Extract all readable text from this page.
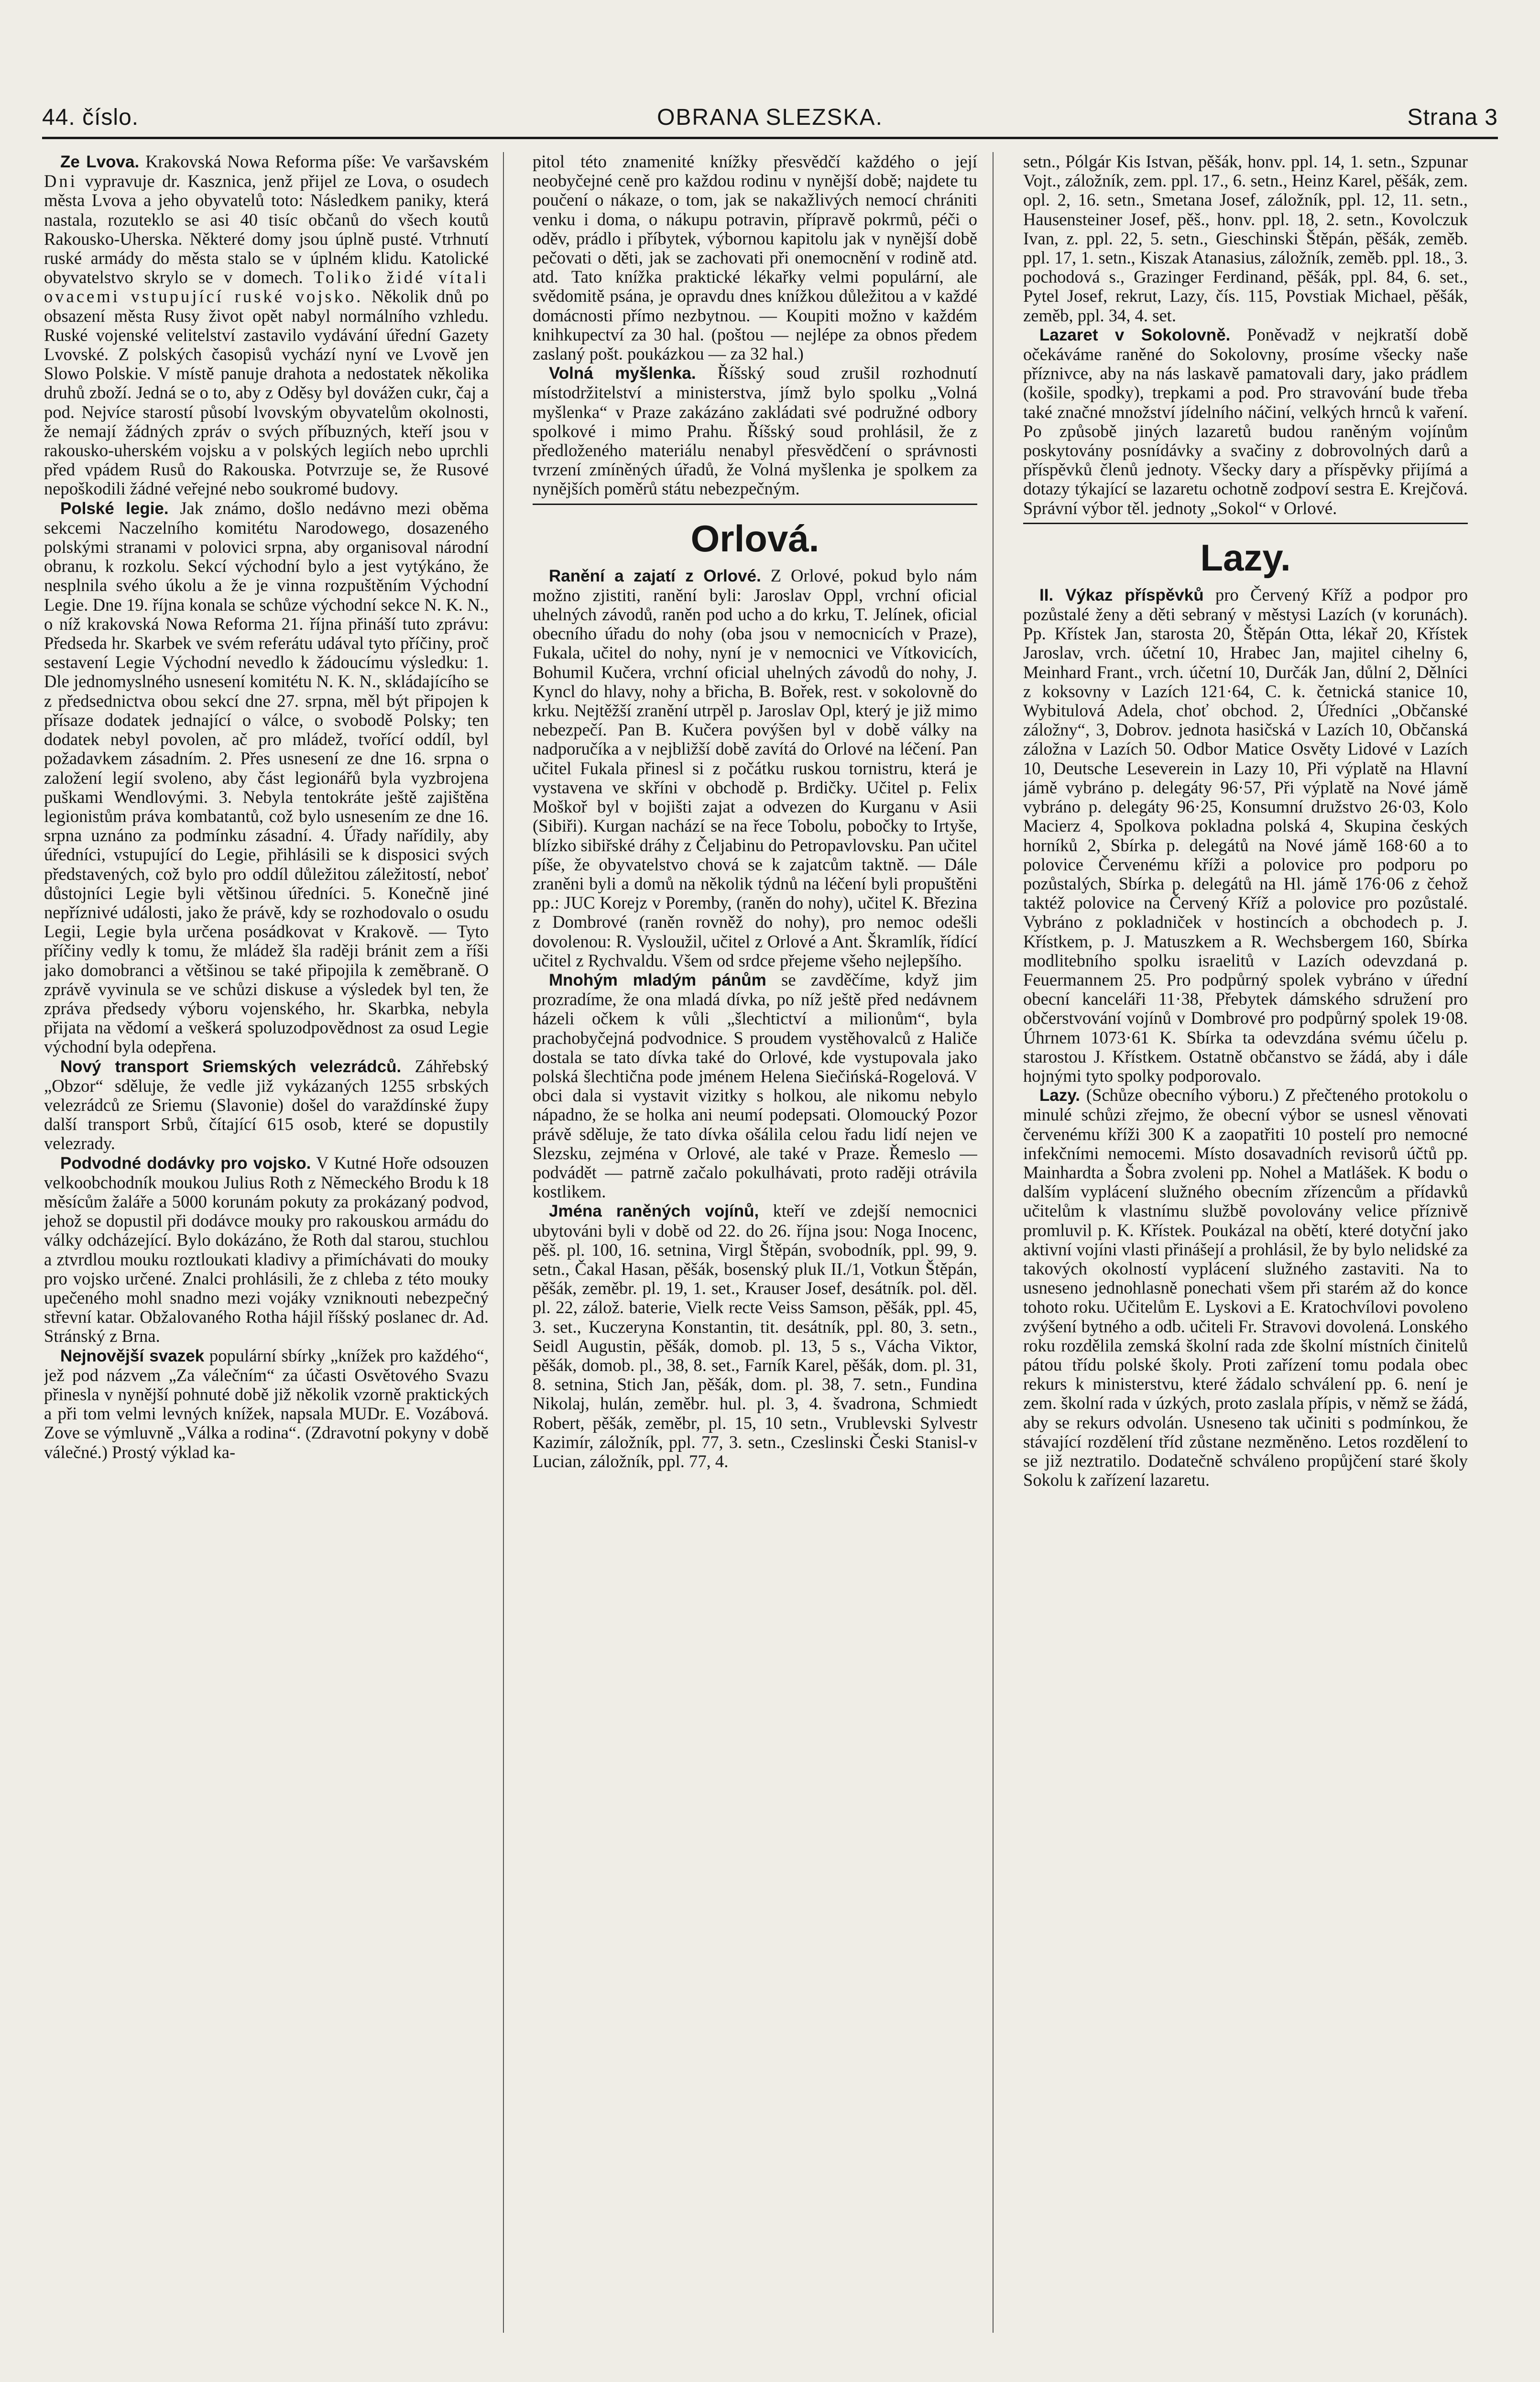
44. číslo.	OBRANA SLEZSKA.	Strana 3

Ze Lvova. Krakovská Nowa Reforma píše: Ve varšavském Dni vypravuje dr. Kasznica, jenž přijel ze Lova, o osudech města Lvova a jeho obyvatelů toto: Následkem paniky, která nastala, rozuteklo se asi 40 tisíc občanů do všech koutů Rakousko-Uherska. Některé domy jsou úplně pusté. Vtrhnutí ruské armády do města stalo se v úplném klidu. Katolické obyvatelstvo skrylo se v domech. Toliko židé vítali ovacemi vstupující ruské vojsko. Několik dnů po obsazení města Rusy život opět nabyl normálního vzhledu. Ruské vojenské velitelství zastavilo vydávání úřední Gazety Lvovské. Z polských časopisů vychází nyní ve Lvově jen Slowo Polskie. V místě panuje drahota a nedostatek několika druhů zboží. Jedná se o to, aby z Oděsy byl dovážen cukr, čaj a pod. Nejvíce starostí působí lvovským obyvatelům okolnosti, že nemají žádných zpráv o svých příbuzných, kteří jsou v rakousko-uherském vojsku a v polských legiích nebo uprchli před vpádem Rusů do Rakouska. Potvrzuje se, že Rusové nepoškodili žádné veřejné nebo soukromé budovy.

Polské legie. Jak známo, došlo nedávno mezi oběma sekcemi Naczelního komitétu Narodowego, dosazeného polskými stranami v polovici srpna, aby organisoval národní obranu, k rozkolu. Sekcí východní bylo a jest vytýkáno, že nesplnila svého úkolu a že je vinna rozpuštěním Východní Legie. Dne 19. října konala se schůze východní sekce N. K. N., o níž krakovská Nowa Reforma 21. října přináší tuto zprávu: Předseda hr. Skarbek ve svém referátu udával tyto příčiny, proč sestavení Legie Východní nevedlo k žádoucímu výsledku: 1. Dle jednomyslného usnesení komitétu N. K. N., skládajícího se z předsednictva obou sekcí dne 27. srpna, měl být připojen k přísaze dodatek jednající o válce, o svobodě Polsky; ten dodatek nebyl povolen, ač pro mládež, tvořící oddíl, byl požadavkem zásadním. 2. Přes usnesení ze dne 16. srpna o založení legií svoleno, aby část legionářů byla vyzbrojena puškami Wendlovými. 3. Nebyla tentokráte ještě zajištěna legionistům práva kombatantů, což bylo usnesením ze dne 16. srpna uznáno za podmínku zásadní. 4. Úřady nařídily, aby úředníci, vstupující do Legie, přihlásili se k disposici svých představených, což bylo pro oddíl důležitou záležitostí, neboť důstojníci Legie byli většinou úředníci. 5. Konečně jiné nepříznivé události, jako že právě, kdy se rozhodovalo o osudu Legii, Legie byla určena posádkovat v Krakově. — Tyto příčiny vedly k tomu, že mládež šla raději bránit zem a říši jako domobranci a většinou se také připojila k zeměbraně. O zprávě vyvinula se ve schůzi diskuse a výsledek byl ten, že zpráva předsedy výboru vojenského, hr. Skarbka, nebyla přijata na vědomí a veškerá spoluzodpovědnost za osud Legie východní byla odepřena.

Nový transport Sriemských velezrádců. Záhřebský „Obzor“ sděluje, že vedle již vykázaných 1255 srbských velezrádců ze Sriemu (Slavonie) došel do varaždínské župy další transport Srbů, čítající 615 osob, které se dopustily velezrady.

Podvodné dodávky pro vojsko. V Kutné Hoře odsouzen velkoobchodník moukou Julius Roth z Německého Brodu k 18 měsícům žaláře a 5000 korunám pokuty za prokázaný podvod, jehož se dopustil při dodávce mouky pro rakouskou armádu do války odcházející. Bylo dokázáno, že Roth dal starou, stuchlou a ztvrdlou mouku roztloukati kladivy a přimíchávati do mouky pro vojsko určené. Znalci prohlásili, že z chleba z této mouky upečeného mohl snadno mezi vojáky vzniknouti nebezpečný střevní katar. Obžalovaného Rotha hájil říšský poslanec dr. Ad. Stránský z Brna.

Nejnovější svazek populární sbírky „knížek pro každého“, jež pod názvem „Za válečním“ za účasti Osvětového Svazu přinesla v nynější pohnuté době již několik vzorně praktických a při tom velmi levných knížek, napsala MUDr. E. Vozábová. Zove se výmluvně „Válka a rodina“. (Zdravotní pokyny v době válečné.) Prostý výklad ka-

pitol této znamenité knížky přesvědčí každého o její neobyčejné ceně pro každou rodinu v nynější době; najdete tu poučení o nákaze, o tom, jak se nakažlivých nemocí chrániti venku i doma, o nákupu potravin, přípravě pokrmů, péči o oděv, prádlo i příbytek, výbornou kapitolu jak v nynější době pečovati o děti, jak se zachovati při onemocnění v rodině atd. atd. Tato knížka praktické lékařky velmi populární, ale svědomitě psána, je opravdu dnes knížkou důležitou a v každé domácnosti přímo nezbytnou. — Koupiti možno v každém knihkupectví za 30 hal. (poštou — nejlépe za obnos předem zaslaný pošt. poukázkou — za 32 hal.)

Volná myšlenka. Říšský soud zrušil rozhodnutí místodržitelství a ministerstva, jímž bylo spolku „Volná myšlenka“ v Praze zakázáno zakládati své podružné odbory spolkové i mimo Prahu. Říšský soud prohlásil, že z předloženého materiálu nenabyl přesvědčení o správnosti tvrzení zmíněných úřadů, že Volná myšlenka je spolkem za nynějších poměrů státu nebezpečným.

Orlová.

Ranění a zajatí z Orlové. Z Orlové, pokud bylo nám možno zjistiti, ranění byli: Jaroslav Oppl, vrchní oficial uhelných závodů, raněn pod ucho a do krku, T. Jelínek, oficial obecního úřadu do nohy (oba jsou v nemocnicích v Praze), Fukala, učitel do nohy, nyní je v nemocnici ve Vítkovicích, Bohumil Kučera, vrchní oficial uhelných závodů do nohy, J. Kyncl do hlavy, nohy a břicha, B. Bořek, rest. v sokolovně do krku. Nejtěžší zranění utrpěl p. Jaroslav Opl, který je již mimo nebezpečí. Pan B. Kučera povýšen byl v době války na nadporučíka a v nejbližší době zavítá do Orlové na léčení. Pan učitel Fukala přinesl si z počátku ruskou tornistru, která je vystavena ve skříni v obchodě p. Brdičky. Učitel p. Felix Moškoř byl v bojišti zajat a odvezen do Kurganu v Asii (Sibiři). Kurgan nachází se na řece Tobolu, pobočky to Irtyše, blízko sibiřské dráhy z Čeljabinu do Petropavlovsku. Pan učitel píše, že obyvatelstvo chová se k zajatcům taktně. — Dále zraněni byli a domů na několik týdnů na léčení byli propuštěni pp.: JUC Korejz v Poremby, (raněn do nohy), učitel K. Březina z Dombrové (raněn rovněž do nohy), pro nemoc odešli dovolenou: R. Vysloužil, učitel z Orlové a Ant. Škramlík, řídící učitel z Rychvaldu. Všem od srdce přejeme všeho nejlepšího.

Mnohým mladým pánům se zavděčíme, když jim prozradíme, že ona mladá dívka, po níž ještě před nedávnem házeli očkem k vůli „šlechtictví a milionům“, byla prachobyčejná podvodnice. S proudem vystěhovalců z Haliče dostala se tato dívka také do Orlové, kde vystupovala jako polská šlechtična pode jménem Helena Siečińská-Rogelová. V obci dala si vystavit vizitky s holkou, ale nikomu nebylo nápadno, že se holka ani neumí podepsati. Olomoucký Pozor právě sděluje, že tato dívka ošálila celou řadu lidí nejen ve Slezsku, zejména v Orlové, ale také v Praze. Řemeslo — podvádět — patrně začalo pokulhávati, proto raději otrávila kostlikem.

Jména raněných vojínů, kteří ve zdejší nemocnici ubytováni byli v době od 22. do 26. října jsou: Noga Inocenc, pěš. pl. 100, 16. setnina, Virgl Štěpán, svobodník, ppl. 99, 9. setn., Čakal Hasan, pěšák, bosenský pluk II./1, Votkun Štěpán, pěšák, zeměbr. pl. 19, 1. set., Krauser Josef, desátník. pol. děl. pl. 22, zálož. baterie, Vielk recte Veiss Samson, pěšák, ppl. 45, 3. set., Kuczeryna Konstantin, tit. desátník, ppl. 80, 3. setn., Seidl Augustin, pěšák, domob. pl. 13, 5 s., Vácha Viktor, pěšák, domob. pl., 38, 8. set., Farník Karel, pěšák, dom. pl. 31, 8. setnina, Stich Jan, pěšák, dom. pl. 38, 7. setn., Fundina Nikolaj, hulán, zeměbr. hul. pl. 3, 4. švadrona, Schmiedt Robert, pěšák, zeměbr, pl. 15, 10 setn., Vrublevski Sylvestr Kazimír, záložník, ppl. 77, 3. setn., Czeslinski Česki Stanisl-v Lucian, záložník, ppl. 77, 4.

setn., Pólgár Kis Istvan, pěšák, honv. ppl. 14, 1. setn., Szpunar Vojt., záložník, zem. ppl. 17., 6. setn., Heinz Karel, pěšák, zem. opl. 2, 16. setn., Smetana Josef, záložník, ppl. 12, 11. setn., Hausensteiner Josef, pěš., honv. ppl. 18, 2. setn., Kovolczuk Ivan, z. ppl. 22, 5. setn., Gieschinski Štěpán, pěšák, zeměb. ppl. 17, 1. setn., Kiszak Atanasius, záložník, zeměb. ppl. 18., 3. pochodová s., Grazinger Ferdinand, pěšák, ppl. 84, 6. set., Pytel Josef, rekrut, Lazy, čís. 115, Povstiak Michael, pěšák, zeměb, ppl. 34, 4. set.

Lazaret v Sokolovně. Poněvadž v nejkratší době očekáváme raněné do Sokolovny, prosíme všecky naše příznivce, aby na nás laskavě pamatovali dary, jako prádlem (košile, spodky), trepkami a pod. Pro stravování bude třeba také značné množství jídelního náčiní, velkých hrnců k vaření. Po způsobě jiných lazaretů budou raněným vojínům poskytovány posnídávky a svačiny z dobrovolných darů a příspěvků členů jednoty. Všecky dary a příspěvky přijímá a dotazy týkající se lazaretu ochotně zodpoví sestra E. Krejčová. Správní výbor těl. jednoty „Sokol“ v Orlové.

Lazy.

II. Výkaz příspěvků pro Červený Kříž a podpor pro pozůstalé ženy a děti sebraný v městysi Lazích (v korunách). Pp. Křístek Jan, starosta 20, Štěpán Otta, lékař 20, Křístek Jaroslav, vrch. účetní 10, Hrabec Jan, majitel cihelny 6, Meinhard Frant., vrch. účetní 10, Durčák Jan, důlní 2, Dělníci z koksovny v Lazích 121·64, C. k. četnická stanice 10, Wybitulová Adela, choť obchod. 2, Úředníci „Občanské záložny“, 3, Dobrov. jednota hasičská v Lazích 10, Občanská záložna v Lazích 50. Odbor Matice Osvěty Lidové v Lazích 10, Deutsche Leseverein in Lazy 10, Při výplatě na Hlavní jámě vybráno p. delegáty 96·57, Při výplatě na Nové jámě vybráno p. delegáty 96·25, Konsumní družstvo 26·03, Kolo Macierz 4, Spolkova pokladna polská 4, Skupina českých horníků 2, Sbírka p. delegátů na Nové jámě 168·60 a to polovice Červenému kříži a polovice pro podporu po pozůstalých, Sbírka p. delegátů na Hl. jámě 176·06 z čehož taktéž polovice na Červený Kříž a polovice pro pozůstalé. Vybráno z pokladniček v hostincích a obchodech p. J. Křístkem, p. J. Matuszkem a R. Wechsbergem 160, Sbírka modlitebního spolku israelitů v Lazích odevzdaná p. Feuermannem 25. Pro podpůrný spolek vybráno v úřední obecní kanceláři 11·38, Přebytek dámského sdružení pro občerstvování vojínů v Dombrové pro podpůrný spolek 19·08. Úhrnem 1073·61 K. Sbírka ta odevzdána svému účelu p. starostou J. Křístkem. Ostatně občanstvo se žádá, aby i dále hojnými tyto spolky podporovalo.

Lazy. (Schůze obecního výboru.) Z přečteného protokolu o minulé schůzi zřejmo, že obecní výbor se usnesl věnovati červenému kříži 300 K a zaopatřiti 10 postelí pro nemocné infekčními nemocemi. Místo dosavadních revisorů účtů pp. Mainhardta a Šobra zvoleni pp. Nohel a Matlášek. K bodu o dalším vyplácení služného obecním zřízencům a přídavků učitelům k vlastnímu službě povolovány velice příznivě promluvil p. K. Křístek. Poukázal na obětí, které dotyční jako aktivní vojíni vlasti přinášejí a prohlásil, že by bylo nelidské za takových okolností vyplácení služného zastaviti. Na to usneseno jednohlasně ponechati všem při starém až do konce tohoto roku. Učitelům E. Lyskovi a E. Kratochvílovi povoleno zvýšení bytného a odb. učiteli Fr. Stravovi dovolená. Lonského roku rozdělila zemská školní rada zde školní místních činitelů pátou třídu polské školy. Proti zařízení tomu podala obec rekurs k ministerstvu, které žádalo schválení pp. 6. není je zem. školní rada v úzkých, proto zaslala přípis, v němž se žádá, aby se rekurs odvolán. Usneseno tak učiniti s podmínkou, že stávající rozdělení tříd zůstane nezměněno. Letos rozdělení to se již neztratilo. Dodatečně schváleno propůjčení staré školy Sokolu k zařízení lazaretu.
